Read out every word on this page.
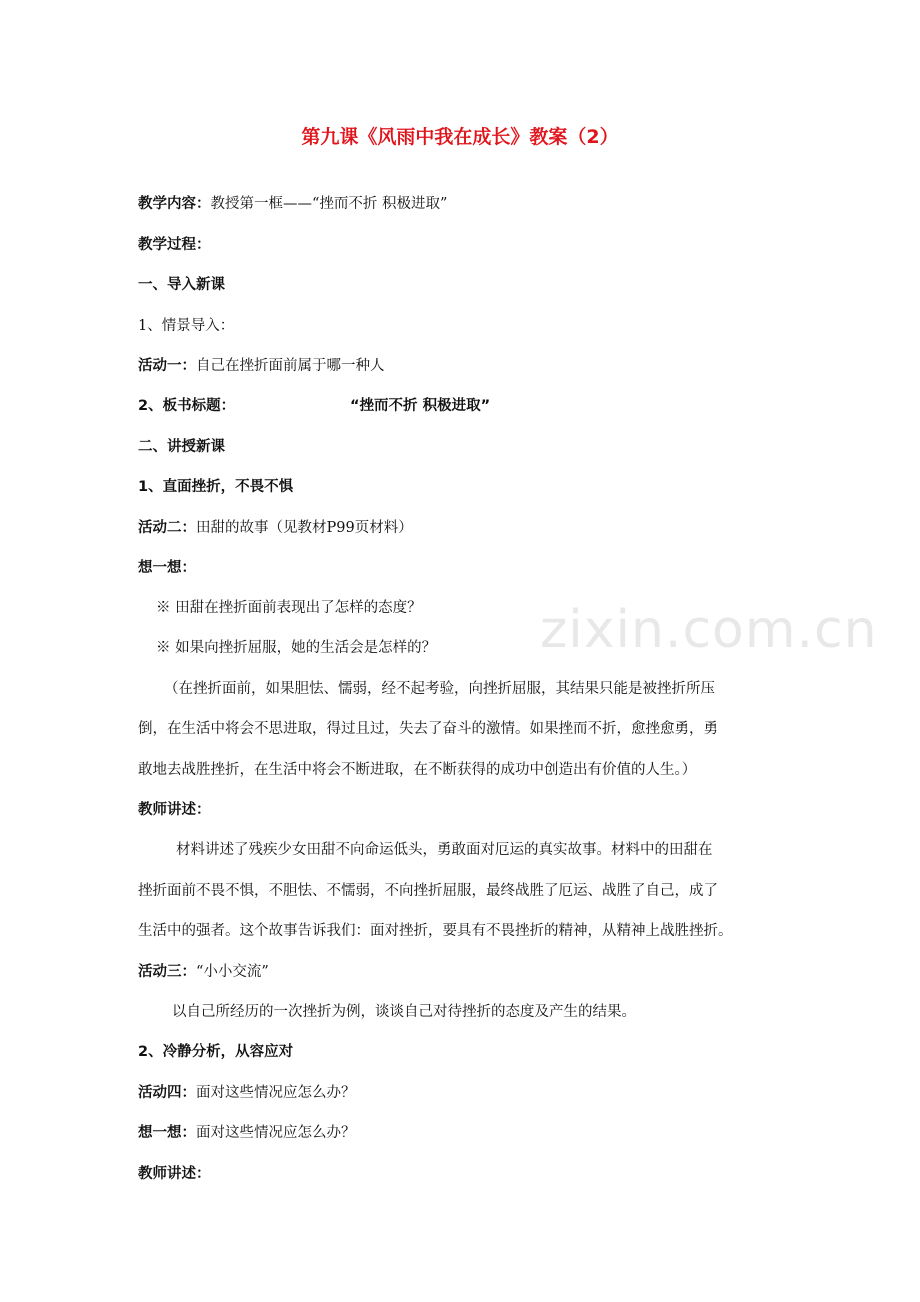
第九课《风雨中我在成长》教案（2）
教学内容：教授第一框——“挫而不折 积极进取”
教学过程：
一、导入新课
1、情景导入：
活动一：自己在挫折面前属于哪一种人
2、板书标题：	“挫而不折 积极进取”
二、讲授新课
1、直面挫折，不畏不惧
活动二：田甜的故事（见教材P99页材料）
想一想：
※ 田甜在挫折面前表现出了怎样的态度？
※ 如果向挫折屈服，她的生活会是怎样的？
（在挫折面前，如果胆怯、懦弱，经不起考验，向挫折屈服，其结果只能是被挫折所压
倒，在生活中将会不思进取，得过且过，失去了奋斗的激情。如果挫而不折，愈挫愈勇，勇
敢地去战胜挫折，在生活中将会不断进取，在不断获得的成功中创造出有价值的人生。）
教师讲述：
材料讲述了残疾少女田甜不向命运低头，勇敢面对厄运的真实故事。材料中的田甜在
挫折面前不畏不惧，不胆怯、不懦弱，不向挫折屈服，最终战胜了厄运、战胜了自己，成了
生活中的强者。这个故事告诉我们：面对挫折，要具有不畏挫折的精神，从精神上战胜挫折。
活动三：“小小交流”
以自己所经历的一次挫折为例，谈谈自己对待挫折的态度及产生的结果。
2、冷静分析，从容应对
活动四：面对这些情况应怎么办？
想一想：面对这些情况应怎么办？
教师讲述：
zixin.com.cn
